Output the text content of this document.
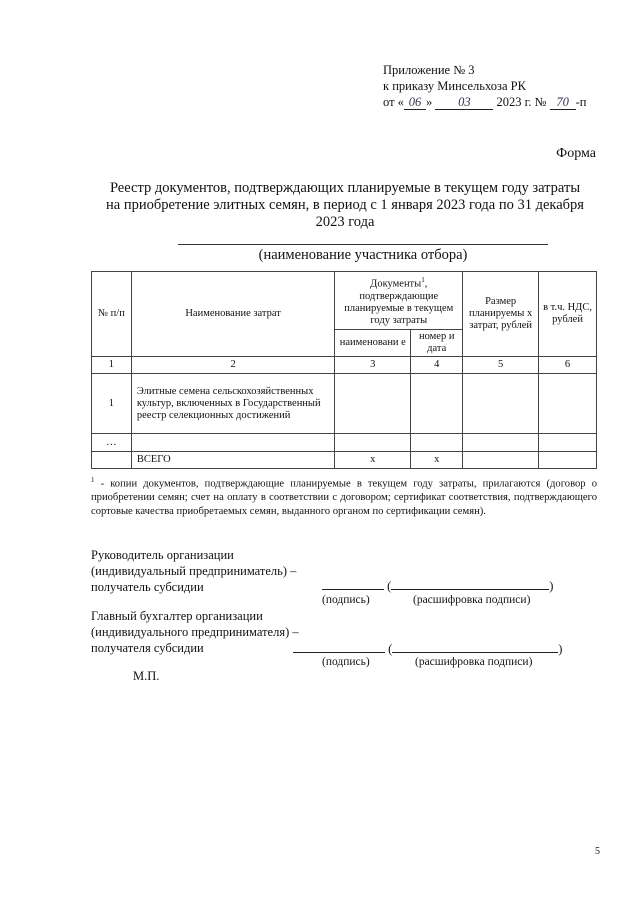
Приложение № 3
к приказу Минсельхоза РК
от « 06 » 03 2023 г. № 70 -п
Форма
Реестр документов, подтверждающих планируемые в текущем году затраты
на приобретение элитных семян, в период с 1 января 2023 года по 31 декабря
2023 года
(наименование участника отбора)
№ п/п	Наименование затрат	Документы$^1$, подтверждающие планируемые в текущем году затраты		Размер планируемы х затрат, рублей	в т.ч. НДС, рублей
		наименовани е	номер и дата		
1	2	3	4	5	6
1	Элитные семена сельскохозяйственных культур, включенных в Государственный реестр селекционных достижений				
…					
	ВСЕГО	x	x		
$^1$ - копии документов, подтверждающие планируемые в текущем году затраты, прилагаются (договор о приобретении семян; счет на оплату в соответствии с договором; сертификат соответствия, подтверждающего сортовые качества приобретаемых семян, выданного органом по сертификации семян).
Руководитель организации
(индивидуальный предприниматель) –
получатель субсидии	(	)
(подпись)	(расшифровка подписи)
Главный бухгалтер организации
(индивидуального предпринимателя) –
получателя субсидии	(	)
(подпись)	(расшифровка подписи)
М.П.
5
